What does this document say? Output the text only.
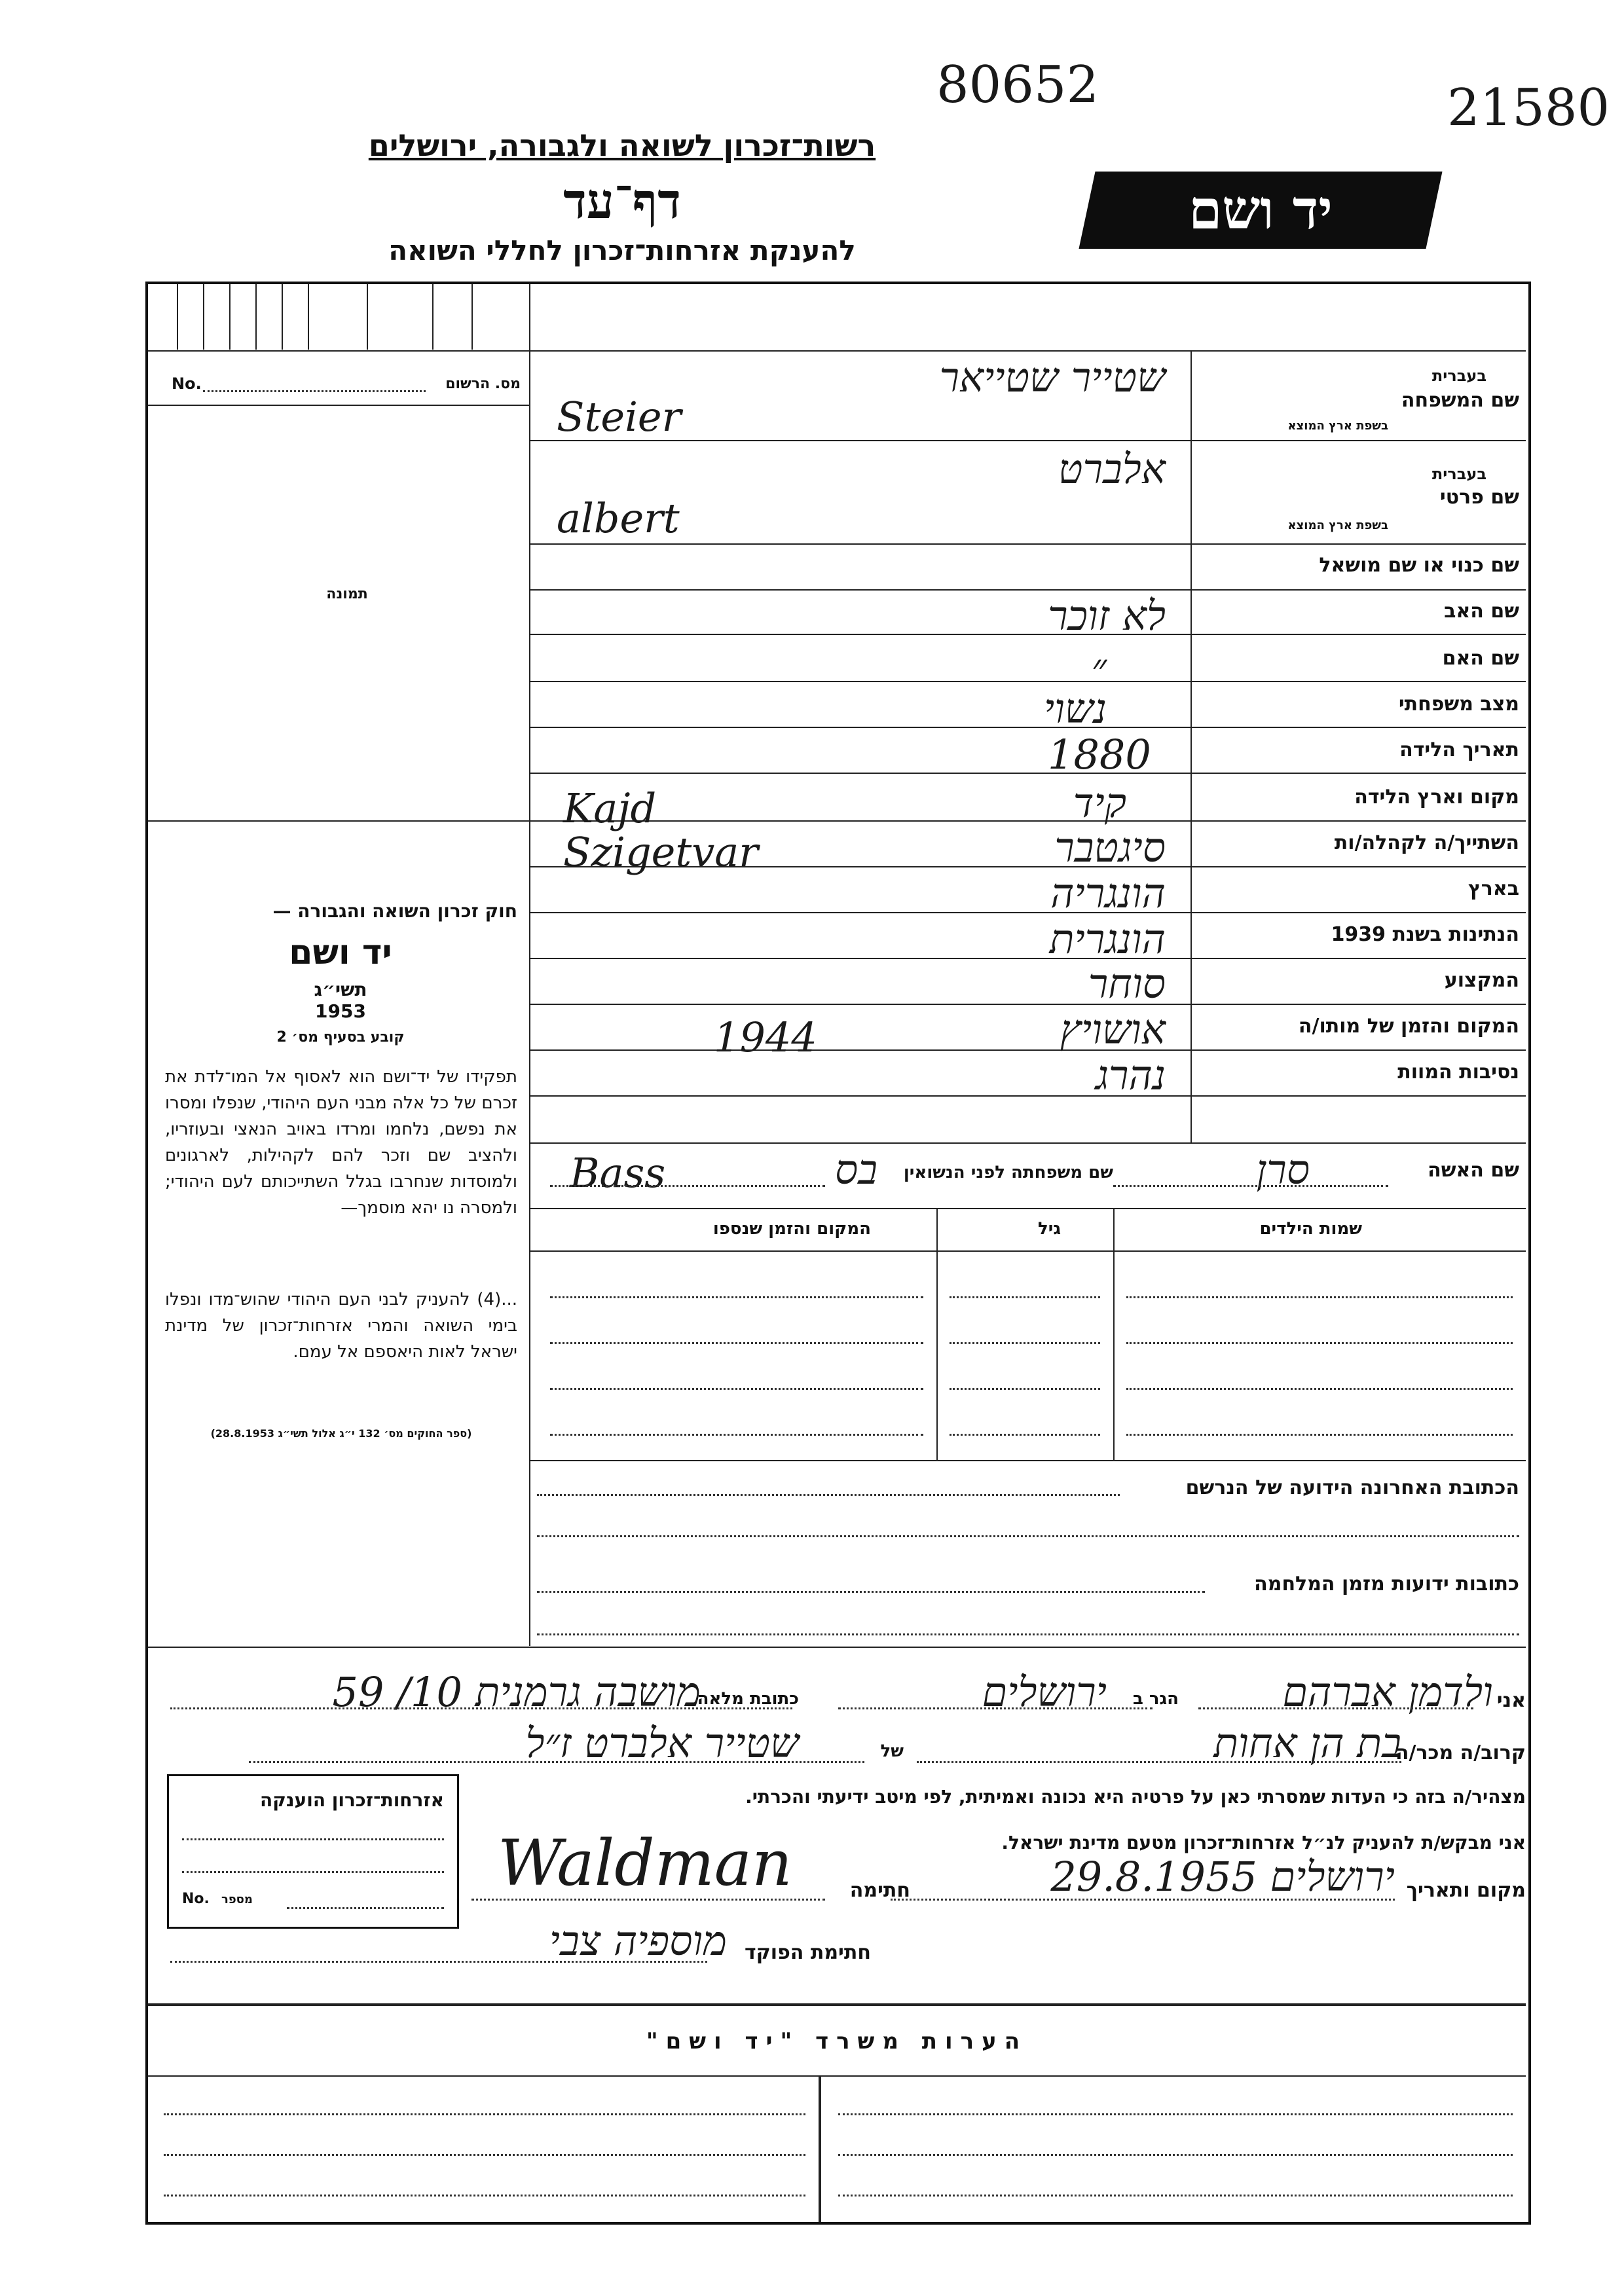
80652	21580
רשות־זכרון לשואה ולגבורה, ירושלים
דף־עד
להענקת אזרחות־זכרון לחללי השואה
יד ושם
No.	מס. הרשום
תמונה
חוק זכרון השואה והגבורה —
יד ושם
תשי״ג
1953
קובע בסעיף מס׳ 2
תפקידו של יד־ושם הוא לאסוף אל המו־לדת את זכרם של כל אלה מבני העם היהודי, שנפלו ומסרו את נפשם, נלחמו ומרדו באויב הנאצי ובעוזריו, ולהציב שם וזכר להם לקהילות, לארגונים ולמוסדות שנחרבו בגלל השתייכותם לעם היהודי; ולמסרה נו יהא מוסמך—
...(4) להעניק לבני העם היהודי שהוש־מדו ונפלו בימי השואה והמרי אזרחות־זכרון של מדינת ישראל לאות היאספם אל עמם.
(ספר החוקים מס׳ 132 י״ג אלול תשי״ג 28.8.1953)
בעברית
שם המשפחה
בשפת ארץ המוצא
בעברית
שם פרטי
בשפת ארץ המוצא
שם כנוי או שם מושאל
שם האב
שם האם
מצב משפחתי
תאריך הלידה
מקום וארץ הלידה
השתייך/ה לקהלה/ות
בארץ
הנתינות בשנת 1939
המקצוע
המקום והזמן של מותו/ה
נסיבות המוות
שטייר שטייאר
Steier
אלברט
albert
לא זוכר
״
נשוי
1880
קיד
Kajd
סיגטבר
Szigetvar
הונגריה
הונגרית
סוחר
אושויץ
1944
נהרג
שם האשה
סרן
שם משפחתה לפני הנשואין
בס
Bass
שמות הילדים
גיל
המקום והזמן שנספו
הכתובת האחרונה הידועה של הנרשם
כתובות ידועות מזמן המלחמה
אני
ולדמן אברהם
הגר ב
ירושלים
כתובת מלאה
מושבה גרמנית 10/ 59
קרוב/ה מכר/ה
בת הן אחות
של
שטייר אלברט ז״ל
מצהיר/ה בזה כי העדות שמסרתי כאן על פרטיה היא נכונה ואמיתית, לפי מיטב ידיעתי והכרתי.
אני מבקש/ת להעניק לנ״ל אזרחות־זכרון מטעם מדינת ישראל.
מקום ותאריך
ירושלים 29.8.1955
חתימה
Waldman
חתימת הפוקד
מוספיה צבי
אזרחות־זכרון הוענקה
No. מספר
הערות משרד "יד ושם"
